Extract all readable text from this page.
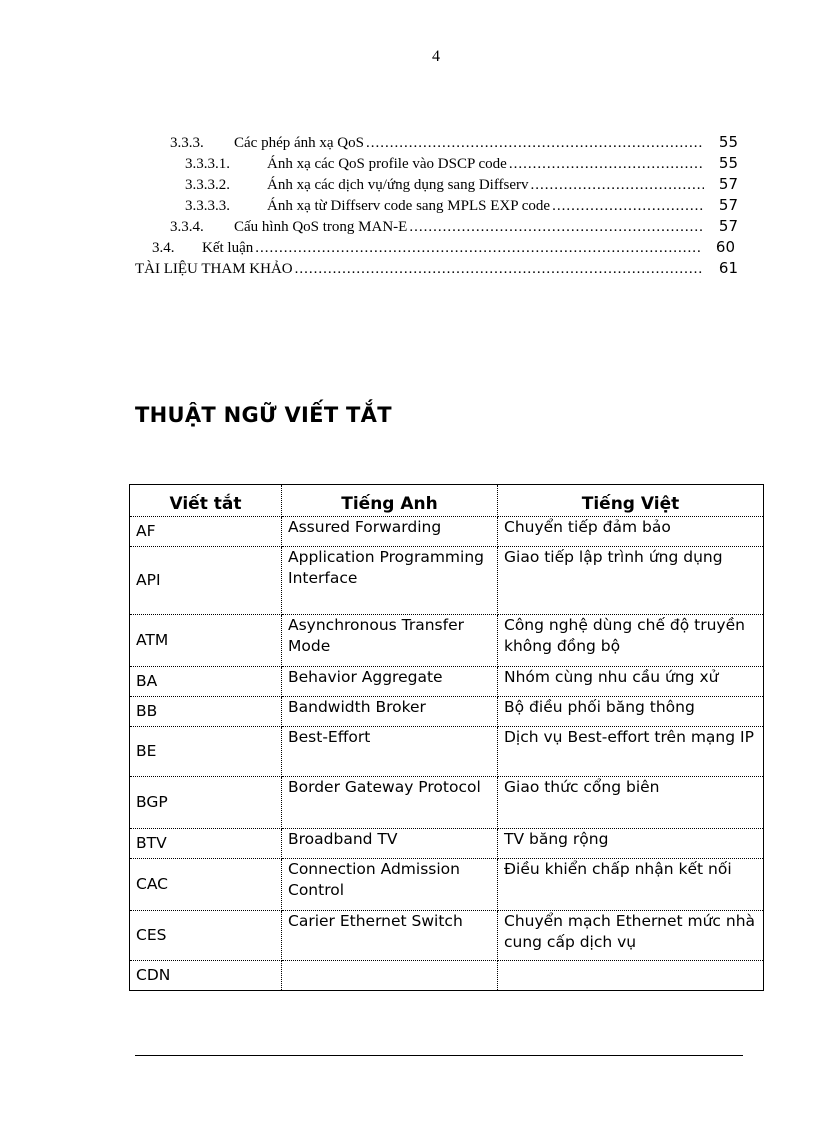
4
3.3.3.	Các phép ánh xạ QoS .....	55
3.3.3.1.	Ánh xạ các QoS profile vào DSCP code .....	55
3.3.3.2.	Ánh xạ các dịch vụ/ứng dụng sang Diffserv .....	57
3.3.3.3.	Ánh xạ từ Diffserv code sang MPLS EXP code .....	57
3.3.4.	Cấu hình QoS trong MAN-E .....	57
3.4.	Kết luận .....	60
TÀI LIỆU THAM KHẢO .....	61
THUẬT NGỮ VIẾT TẮT
Viết tắt	Tiếng Anh	Tiếng Việt
AF	Assured Forwarding	Chuyển tiếp đảm bảo
API	Application Programming Interface	Giao tiếp lập trình ứng dụng
ATM	Asynchronous Transfer Mode	Công nghệ dùng chế độ truyền không đồng bộ
BA	Behavior Aggregate	Nhóm cùng nhu cầu ứng xử
BB	Bandwidth Broker	Bộ điều phối băng thông
BE	Best-Effort	Dịch vụ Best-effort trên mạng IP
BGP	Border Gateway Protocol	Giao thức cổng biên
BTV	Broadband TV	TV băng rộng
CAC	Connection Admission Control	Điều khiển chấp nhận kết nối
CES	Carier Ethernet Switch	Chuyển mạch Ethernet mức nhà cung cấp dịch vụ
CDN		
